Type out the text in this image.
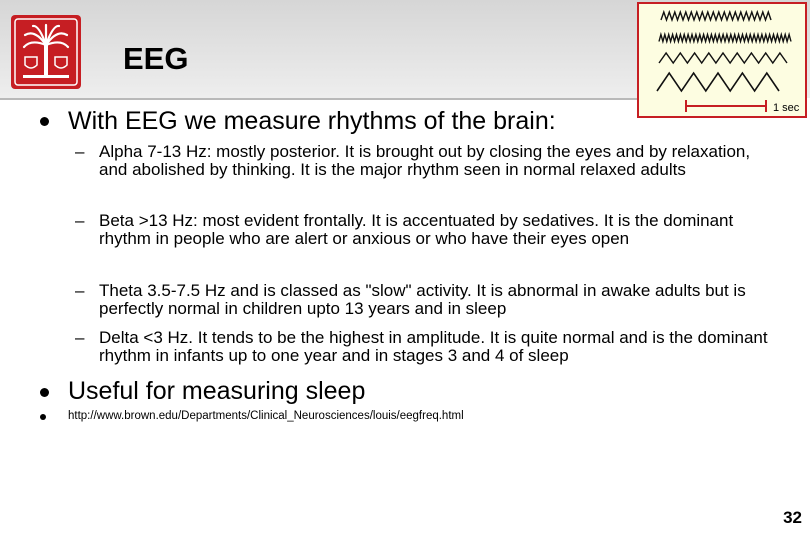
EEG
1 sec
With EEG we measure rhythms of the brain:
– Alpha 7-13 Hz: mostly posterior. It is brought out by closing the eyes and by relaxation, and abolished by thinking. It is the major rhythm seen in normal relaxed adults
– Beta >13 Hz: most evident frontally. It is accentuated by sedatives. It is the dominant rhythm in people who are alert or anxious or who have their eyes open
– Theta 3.5-7.5 Hz and is classed as "slow" activity. It is abnormal in awake adults but is perfectly normal in children upto 13 years and in sleep
– Delta <3 Hz. It tends to be the highest in amplitude. It is quite normal and is the dominant rhythm in infants up to one year and in stages 3 and 4 of sleep
Useful for measuring sleep
http://www.brown.edu/Departments/Clinical_Neurosciences/louis/eegfreq.html
32
